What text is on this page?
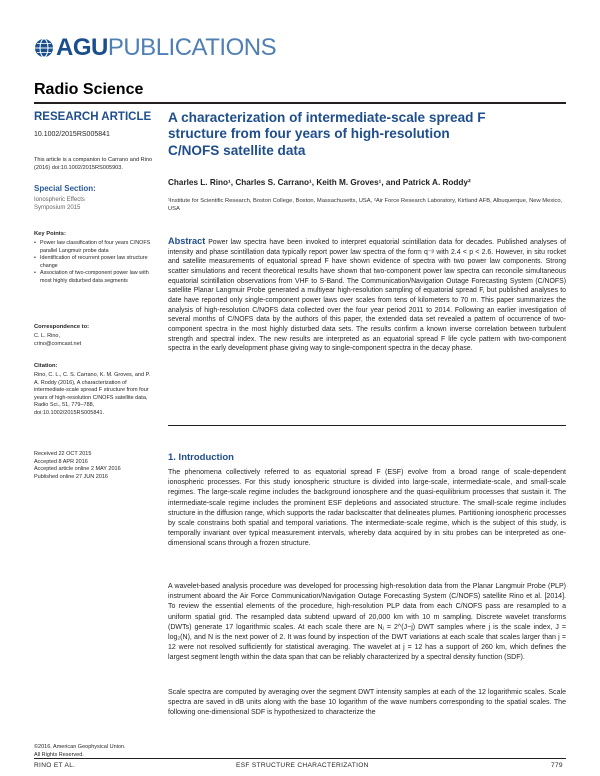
AGU PUBLICATIONS
Radio Science
RESEARCH ARTICLE
10.1002/2015RS005841
This article is a companion to Carrano and Rino (2016) doi:10.1002/2015RS005903.
Special Section:
Ionospheric Effects
Symposium 2015
Key Points:
• Power law classification of four years C/NOFS parallel Langmuir probe data
• Identification of recurrent power law structure change
• Association of two-component power law with most highly disturbed data segments
Correspondence to:
C. L. Rino,
crino@comcast.net
Citation:
Rino, C. L., C. S. Carrano, K. M. Groves, and P. A. Roddy (2016), A characterization of intermediate-scale spread F structure from four years of high-resolution C/NOFS satellite data, Radio Sci., 51, 779–788, doi:10.1002/2015RS005841.
Received 22 OCT 2015
Accepted 8 APR 2016
Accepted article online 2 MAY 2016
Published online 27 JUN 2016
©2016. American Geophysical Union.
All Rights Reserved.
A characterization of intermediate-scale spread F structure from four years of high-resolution C/NOFS satellite data
Charles L. Rino¹, Charles S. Carrano¹, Keith M. Groves¹, and Patrick A. Roddy²
¹Institute for Scientific Research, Boston College, Boston, Massachusetts, USA, ²Air Force Research Laboratory, Kirtland AFB, Albuquerque, New Mexico, USA
Abstract Power law spectra have been invoked to interpret equatorial scintillation data for decades. Published analyses of intensity and phase scintillation data typically report power law spectra of the form q⁻ᵖ with 2.4 < p < 2.6. However, in situ rocket and satellite measurements of equatorial spread F have shown evidence of spectra with two power law components. Strong scatter simulations and recent theoretical results have shown that two-component power law spectra can reconcile simultaneous equatorial scintillation observations from VHF to S-Band. The Communication/Navigation Outage Forecasting System (C/NOFS) satellite Planar Langmuir Probe generated a multiyear high-resolution sampling of equatorial spread F, but published analyses to date have reported only single-component power laws over scales from tens of kilometers to 70 m. This paper summarizes the analysis of high-resolution C/NOFS data collected over the four year period 2011 to 2014. Following an earlier investigation of several months of C/NOFS data by the authors of this paper, the extended data set revealed a pattern of occurrence of two-component spectra in the most highly disturbed data sets. The results confirm a known inverse correlation between turbulent strength and spectral index. The new results are interpreted as an equatorial spread F life cycle pattern with two-component spectra in the early development phase giving way to single-component spectra in the decay phase.
1. Introduction

The phenomena collectively referred to as equatorial spread F (ESF) evolve from a broad range of scale-dependent ionospheric processes. For this study ionospheric structure is divided into large-scale, intermediate-scale, and small-scale regimes. The large-scale regime includes the background ionosphere and the quasi-equilibrium processes that sustain it. The intermediate-scale regime includes the prominent ESF depletions and associated structure. The small-scale regime includes structure in the diffusion range, which supports the radar backscatter that delineates plumes. Partitioning ionospheric processes by scale constrains both spatial and temporal variations. The intermediate-scale regime, which is the subject of this study, is temporally invariant over typical measurement intervals, whereby data acquired by in situ probes can be interpreted as one-dimensional scans through a frozen structure.

A wavelet-based analysis procedure was developed for processing high-resolution data from the Planar Langmuir Probe (PLP) instrument aboard the Air Force Communication/Navigation Outage Forecasting System (C/NOFS) satellite Rino et al. [2014]. To review the essential elements of the procedure, high-resolution PLP data from each C/NOFS pass are resampled to a uniform spatial grid. The resampled data subtend upward of 20,000 km with 10 m sampling. Discrete wavelet transforms (DWTs) generate 17 logarithmic scales. At each scale there are Nⱼ = 2^(J−j) DWT samples where j is the scale index, J = log₂(N), and N is the next power of 2. It was found by inspection of the DWT variations at each scale that scales larger than j = 12 were not resolved sufficiently for statistical averaging. The wavelet at j = 12 has a support of 260 km, which defines the largest segment length within the data span that can be reliably characterized by a spectral density function (SDF).

Scale spectra are computed by averaging over the segment DWT intensity samples at each of the 12 logarithmic scales. Scale spectra are saved in dB units along with the base 10 logarithm of the wave numbers corresponding to the spatial scales. The following one-dimensional SDF is hypothesized to characterize the

RINO ET AL.	ESF STRUCTURE CHARACTERIZATION	779
